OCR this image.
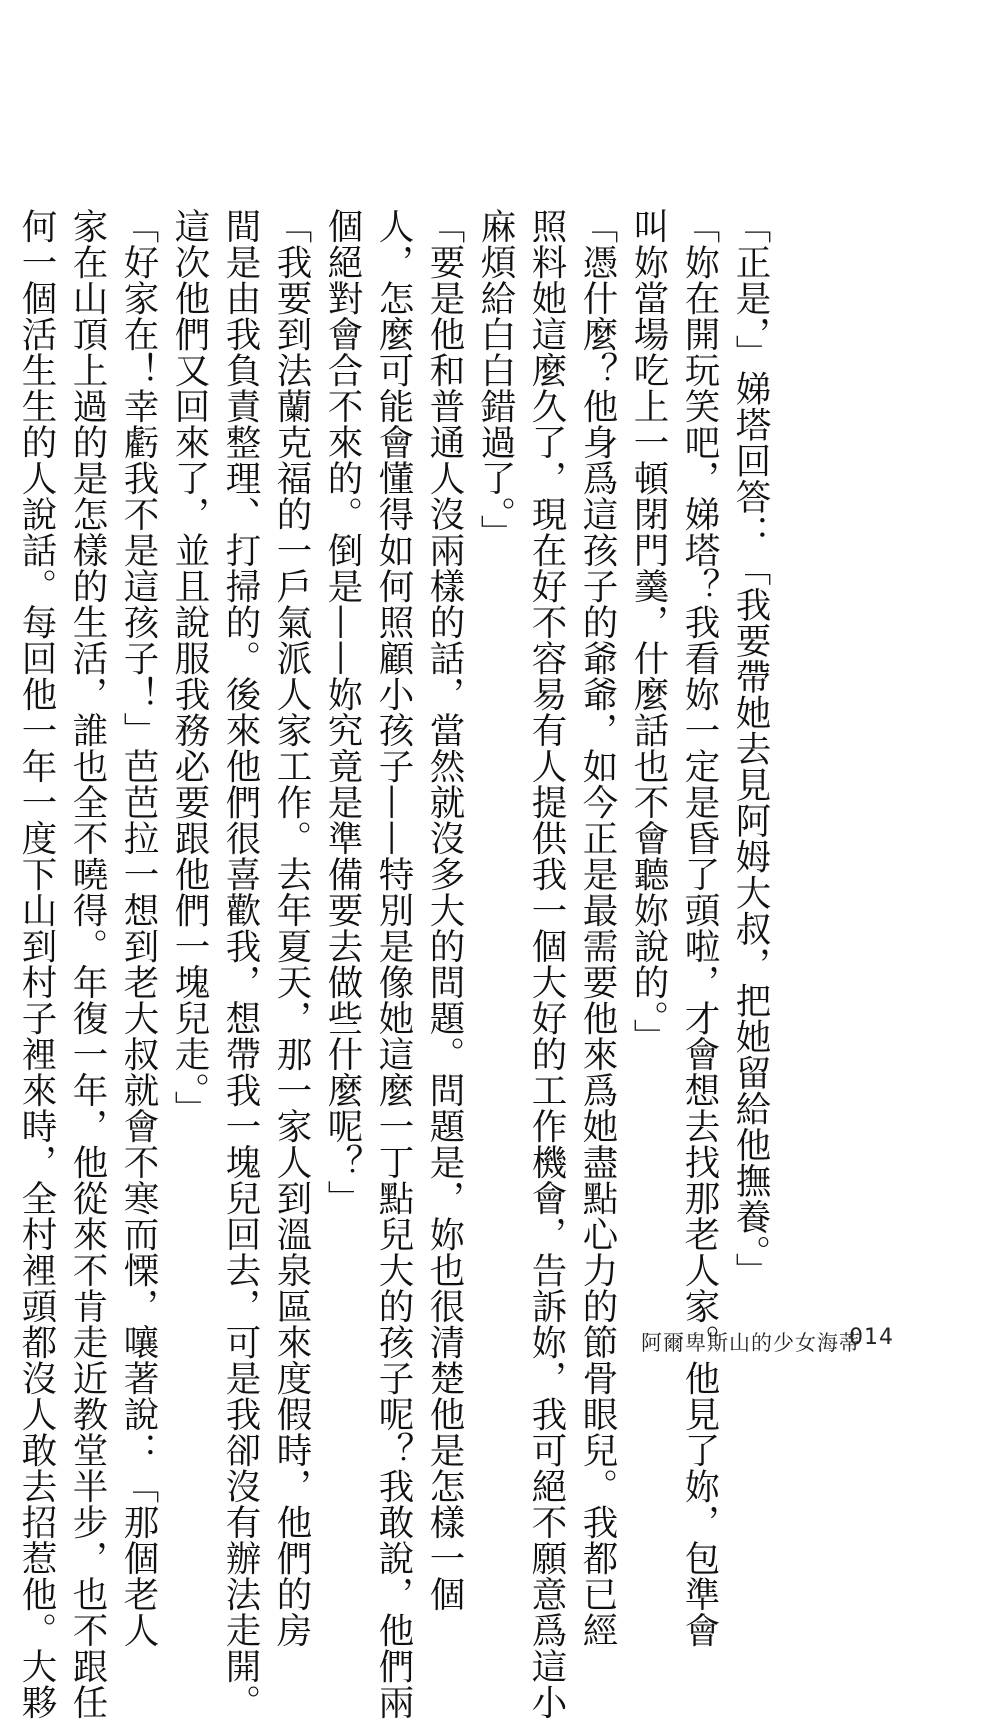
「正是，」娣塔回答：「我要帶她去見阿姆大叔，把她留給他撫養。」
「妳在開玩笑吧，娣塔？我看妳一定是昏了頭啦，才會想去找那老人家。他見了妳，包準會
叫妳當場吃上一頓閉門羹，什麼話也不會聽妳說的。」
「憑什麼？他身爲這孩子的爺爺，如今正是最需要他來爲她盡點心力的節骨眼兒。我都已經
照料她這麼久了，現在好不容易有人提供我一個大好的工作機會，告訴妳，我可絕不願意爲這小
麻煩給白白錯過了。」
「要是他和普通人沒兩樣的話，當然就沒多大的問題。問題是，妳也很清楚他是怎樣一個
人，怎麼可能會懂得如何照顧小孩子——特別是像她這麼一丁點兒大的孩子呢？我敢說，他們兩
個絕對會合不來的。倒是——妳究竟是準備要去做些什麼呢？」
「我要到法蘭克福的一戶氣派人家工作。去年夏天，那一家人到溫泉區來度假時，他們的房
間是由我負責整理、打掃的。後來他們很喜歡我，想帶我一塊兒回去，可是我卻沒有辦法走開。
這次他們又回來了，並且說服我務必要跟他們一塊兒走。」
「好家在！幸虧我不是這孩子！」芭芭拉一想到老大叔就會不寒而慄，嚷著說：「那個老人
家在山頂上過的是怎樣的生活，誰也全不曉得。年復一年，他從來不肯走近教堂半步，也不跟任
何一個活生生的人說話。每回他一年一度下山到村子裡來時，全村裡頭都沒人敢去招惹他。大夥	阿爾卑斯山的少女海蒂
014
